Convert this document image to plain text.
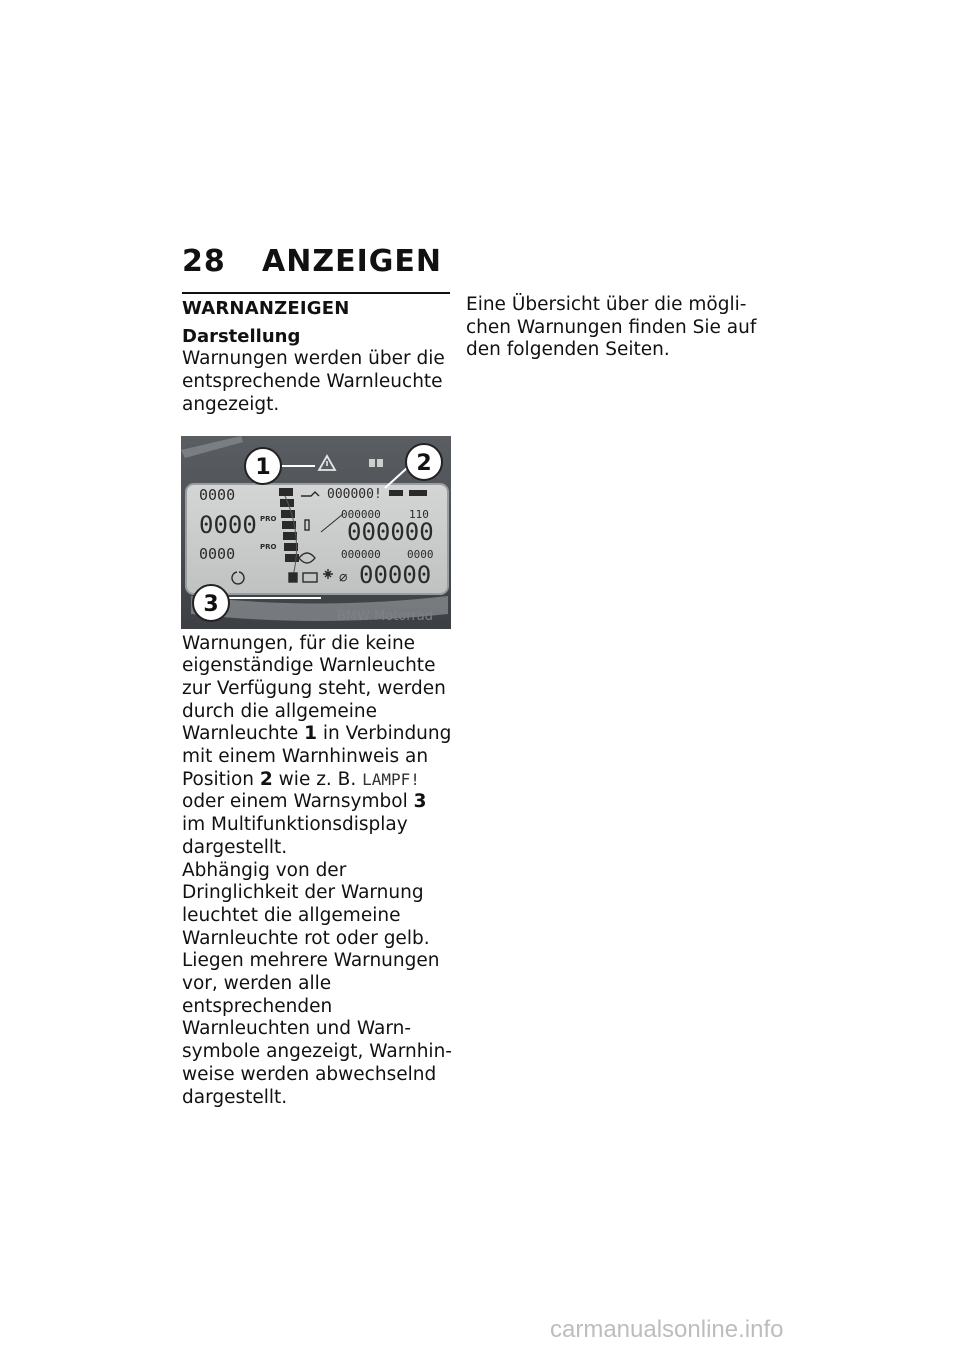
28 ANZEIGEN
WARNANZEIGEN
Darstellung

Warnungen werden über die entsprechende Warnleuchte angezeigt.

0000
0000 PRO
0000	PRO
000000!
000000	110
000000
000000 0000
00000
⌀
1	2
3	BMW Motorrad

Warnungen, für die keine eigenständige Warnleuchte zur Verfügung steht, werden durch die allgemeine Warnleuchte 1 in Verbindung mit einem Warnhinweis an Position 2 wie z. B. LAMPF! oder einem Warnsymbol 3 im Multifunktionsdisplay dargestellt.

Abhängig von der Dringlichkeit der Warnung leuchtet die allgemeine Warnleuchte rot oder gelb.

Liegen mehrere Warnungen vor, werden alle entsprechenden Warnleuchten und Warnsymbole angezeigt, Warnhinweise werden abwechselnd dargestellt.

Eine Übersicht über die möglichen Warnungen finden Sie auf den folgenden Seiten.

carmanualsonline.info
